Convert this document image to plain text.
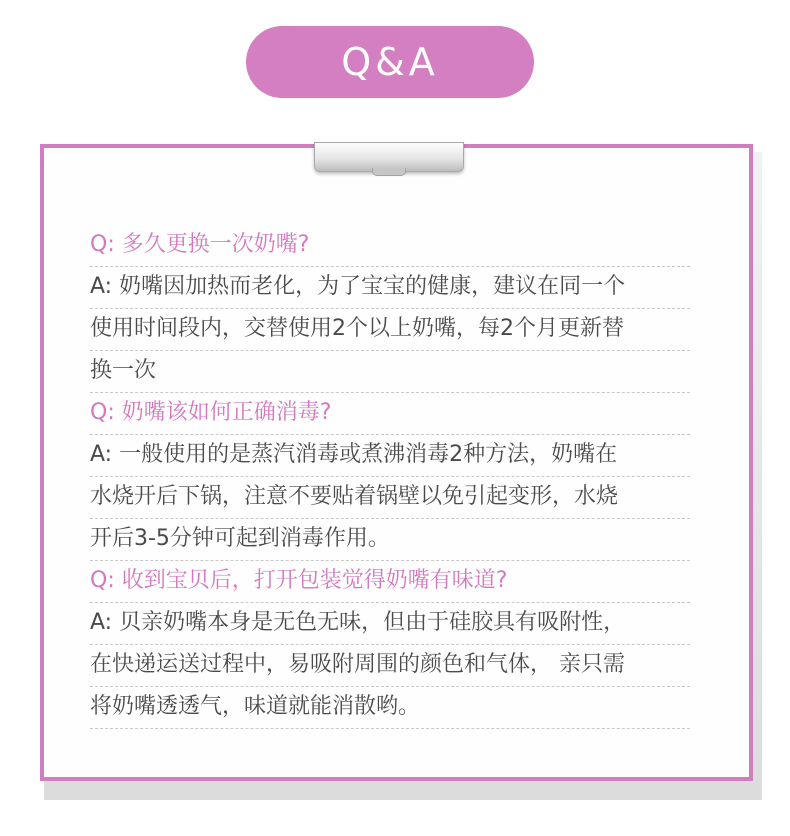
Q&A
Q: 多久更换一次奶嘴?
A: 奶嘴因加热而老化，为了宝宝的健康，建议在同一个
使用时间段内，交替使用2个以上奶嘴，每2个月更新替
换一次
Q: 奶嘴该如何正确消毒?
A: 一般使用的是蒸汽消毒或煮沸消毒2种方法，奶嘴在
水烧开后下锅，注意不要贴着锅壁以免引起变形，水烧
开后3-5分钟可起到消毒作用。
Q: 收到宝贝后，打开包装觉得奶嘴有味道?
A: 贝亲奶嘴本身是无色无味，但由于硅胶具有吸附性，
在快递运送过程中，易吸附周围的颜色和气体， 亲只需
将奶嘴透透气，味道就能消散哟。
